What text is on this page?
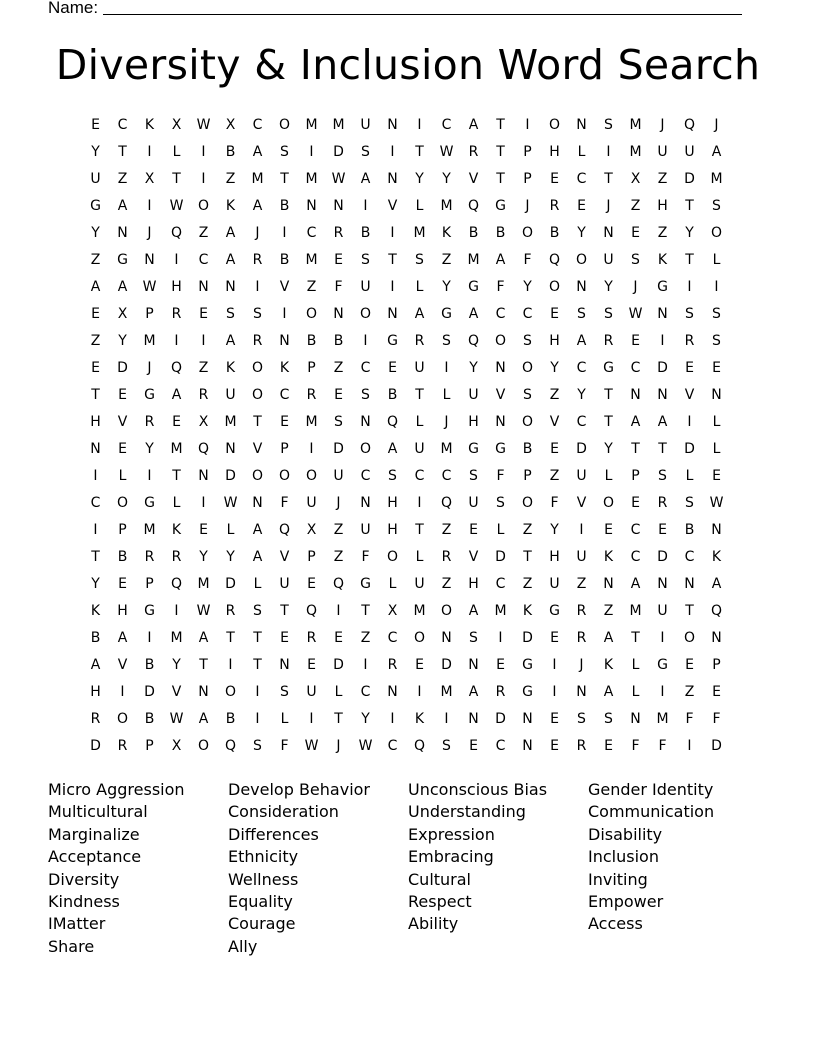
Name:
Diversity & Inclusion Word Search
E	C	K	X	W	X	C	O	M	M	U	N	I	C	A	T	I	O	N	S	M	J	Q	J
Y	T	I	L	I	B	A	S	I	D	S	I	T	W	R	T	P	H	L	I	M	U	U	A
U	Z	X	T	I	Z	M	T	M	W	A	N	Y	Y	V	T	P	E	C	T	X	Z	D	M
G	A	I	W	O	K	A	B	N	N	I	V	L	M	Q	G	J	R	E	J	Z	H	T	S
Y	N	J	Q	Z	A	J	I	C	R	B	I	M	K	B	B	O	B	Y	N	E	Z	Y	O
Z	G	N	I	C	A	R	B	M	E	S	T	S	Z	M	A	F	Q	O	U	S	K	T	L
A	A	W	H	N	N	I	V	Z	F	U	I	L	Y	G	F	Y	O	N	Y	J	G	I	I
E	X	P	R	E	S	S	I	O	N	O	N	A	G	A	C	C	E	S	S	W	N	S	S
Z	Y	M	I	I	A	R	N	B	B	I	G	R	S	Q	O	S	H	A	R	E	I	R	S
E	D	J	Q	Z	K	O	K	P	Z	C	E	U	I	Y	N	O	Y	C	G	C	D	E	E
T	E	G	A	R	U	O	C	R	E	S	B	T	L	U	V	S	Z	Y	T	N	N	V	N
H	V	R	E	X	M	T	E	M	S	N	Q	L	J	H	N	O	V	C	T	A	A	I	L
N	E	Y	M	Q	N	V	P	I	D	O	A	U	M	G	G	B	E	D	Y	T	T	D	L
I	L	I	T	N	D	O	O	O	U	C	S	C	C	S	F	P	Z	U	L	P	S	L	E
C	O	G	L	I	W	N	F	U	J	N	H	I	Q	U	S	O	F	V	O	E	R	S	W
I	P	M	K	E	L	A	Q	X	Z	U	H	T	Z	E	L	Z	Y	I	E	C	E	B	N
T	B	R	R	Y	Y	A	V	P	Z	F	O	L	R	V	D	T	H	U	K	C	D	C	K
Y	E	P	Q	M	D	L	U	E	Q	G	L	U	Z	H	C	Z	U	Z	N	A	N	N	A
K	H	G	I	W	R	S	T	Q	I	T	X	M	O	A	M	K	G	R	Z	M	U	T	Q
B	A	I	M	A	T	T	E	R	E	Z	C	O	N	S	I	D	E	R	A	T	I	O	N
A	V	B	Y	T	I	T	N	E	D	I	R	E	D	N	E	G	I	J	K	L	G	E	P
H	I	D	V	N	O	I	S	U	L	C	N	I	M	A	R	G	I	N	A	L	I	Z	E
R	O	B	W	A	B	I	L	I	T	Y	I	K	I	N	D	N	E	S	S	N	M	F	F
D	R	P	X	O	Q	S	F	W	J	W	C	Q	S	E	C	N	E	R	E	F	F	I	D
Micro Aggression
Multicultural
Marginalize
Acceptance
Diversity
Kindness
IMatter
Share
Develop Behavior
Consideration
Differences
Ethnicity
Wellness
Equality
Courage
Ally
Unconscious Bias
Understanding
Expression
Embracing
Cultural
Respect
Ability
Gender Identity
Communication
Disability
Inclusion
Inviting
Empower
Access
